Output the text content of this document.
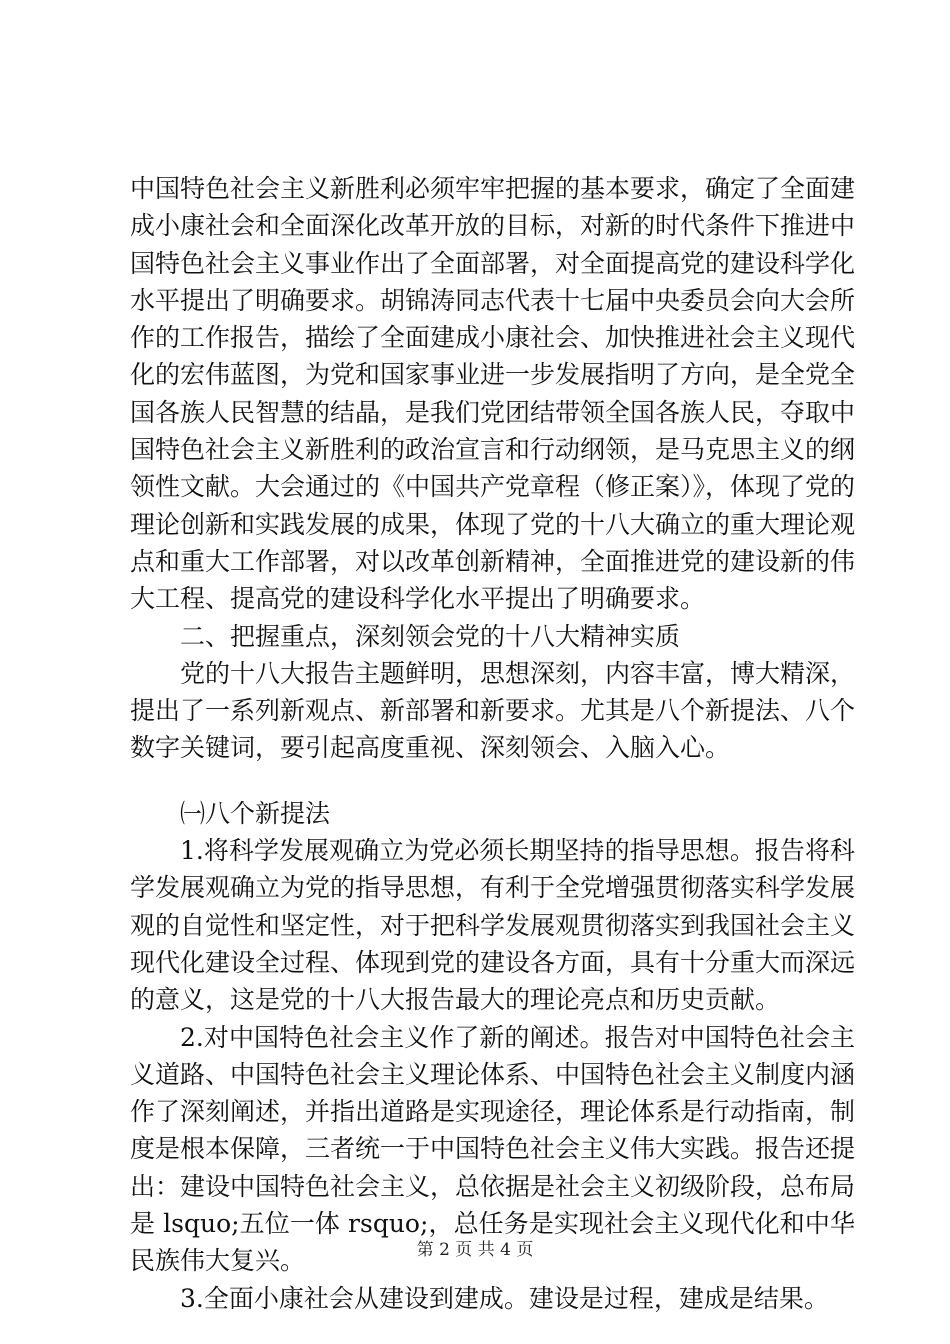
中国特色社会主义新胜利必须牢牢把握的基本要求，确定了全面建成小康社会和全面深化改革开放的目标，对新的时代条件下推进中国特色社会主义事业作出了全面部署，对全面提高党的建设科学化水平提出了明确要求。胡锦涛同志代表十七届中央委员会向大会所作的工作报告，描绘了全面建成小康社会、加快推进社会主义现代化的宏伟蓝图，为党和国家事业进一步发展指明了方向，是全党全国各族人民智慧的结晶，是我们党团结带领全国各族人民，夺取中国特色社会主义新胜利的政治宣言和行动纲领，是马克思主义的纲领性文献。大会通过的《中国共产党章程（修正案）》，体现了党的理论创新和实践发展的成果，体现了党的十八大确立的重大理论观点和重大工作部署，对以改革创新精神，全面推进党的建设新的伟大工程、提高党的建设科学化水平提出了明确要求。

二、把握重点，深刻领会党的十八大精神实质

党的十八大报告主题鲜明，思想深刻，内容丰富，博大精深，提出了一系列新观点、新部署和新要求。尤其是八个新提法、八个数字关键词，要引起高度重视、深刻领会、入脑入心。

㈠八个新提法

1.将科学发展观确立为党必须长期坚持的指导思想。报告将科学发展观确立为党的指导思想，有利于全党增强贯彻落实科学发展观的自觉性和坚定性，对于把科学发展观贯彻落实到我国社会主义现代化建设全过程、体现到党的建设各方面，具有十分重大而深远的意义，这是党的十八大报告最大的理论亮点和历史贡献。

2.对中国特色社会主义作了新的阐述。报告对中国特色社会主义道路、中国特色社会主义理论体系、中国特色社会主义制度内涵作了深刻阐述，并指出道路是实现途径，理论体系是行动指南，制度是根本保障，三者统一于中国特色社会主义伟大实践。报告还提出：建设中国特色社会主义，总依据是社会主义初级阶段，总布局是 lsquo;五位一体 rsquo;，总任务是实现社会主义现代化和中华民族伟大复兴。

3.全面小康社会从建设到建成。建设是过程，建成是结果。

第 2 页 共 4 页
